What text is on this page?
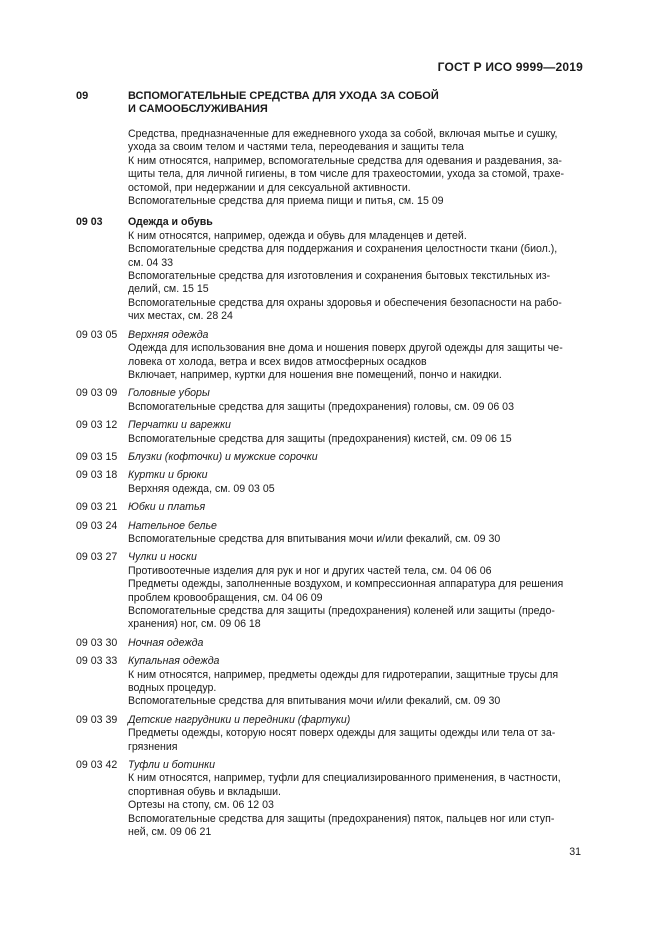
ГОСТ Р ИСО 9999—2019
09	ВСПОМОГАТЕЛЬНЫЕ СРЕДСТВА ДЛЯ УХОДА ЗА СОБОЙ
И САМООБСЛУЖИВАНИЯ
Средства, предназначенные для ежедневного ухода за собой, включая мытье и сушку,
ухода за своим телом и частями тела, переодевания и защиты тела
К ним относятся, например, вспомогательные средства для одевания и раздевания, за-
щиты тела, для личной гигиены, в том числе для трахеостомии, ухода за стомой, трахе-
остомой, при недержании и для сексуальной активности.
Вспомогательные средства для приема пищи и питья, см. 15 09
09 03	Одежда и обувь
К ним относятся, например, одежда и обувь для младенцев и детей.
Вспомогательные средства для поддержания и сохранения целостности ткани (биол.),
см. 04 33
Вспомогательные средства для изготовления и сохранения бытовых текстильных из-
делий, см. 15 15
Вспомогательные средства для охраны здоровья и обеспечения безопасности на рабо-
чих местах, см. 28 24
09 03 05	Верхняя одежда
Одежда для использования вне дома и ношения поверх другой одежды для защиты че-
ловека от холода, ветра и всех видов атмосферных осадков
Включает, например, куртки для ношения вне помещений, пончо и накидки.
09 03 09	Головные уборы
Вспомогательные средства для защиты (предохранения) головы, см. 09 06 03
09 03 12	Перчатки и варежки
Вспомогательные средства для защиты (предохранения) кистей, см. 09 06 15
09 03 15	Блузки (кофточки) и мужские сорочки
09 03 18	Куртки и брюки
Верхняя одежда, см. 09 03 05
09 03 21	Юбки и платья
09 03 24	Нательное белье
Вспомогательные средства для впитывания мочи и/или фекалий, см. 09 30
09 03 27	Чулки и носки
Противоотечные изделия для рук и ног и других частей тела, см. 04 06 06
Предметы одежды, заполненные воздухом, и компрессионная аппаратура для решения
проблем кровообращения, см. 04 06 09
Вспомогательные средства для защиты (предохранения) коленей или защиты (предо-
хранения) ног, см. 09 06 18
09 03 30	Ночная одежда
09 03 33	Купальная одежда
К ним относятся, например, предметы одежды для гидротерапии, защитные трусы для
водных процедур.
Вспомогательные средства для впитывания мочи и/или фекалий, см. 09 30
09 03 39	Детские нагрудники и передники (фартуки)
Предметы одежды, которую носят поверх одежды для защиты одежды или тела от за-
грязнения
09 03 42	Туфли и ботинки
К ним относятся, например, туфли для специализированного применения, в частности,
спортивная обувь и вкладыши.
Ортезы на стопу, см. 06 12 03
Вспомогательные средства для защиты (предохранения) пяток, пальцев ног или ступ-
ней, см. 09 06 21
31
